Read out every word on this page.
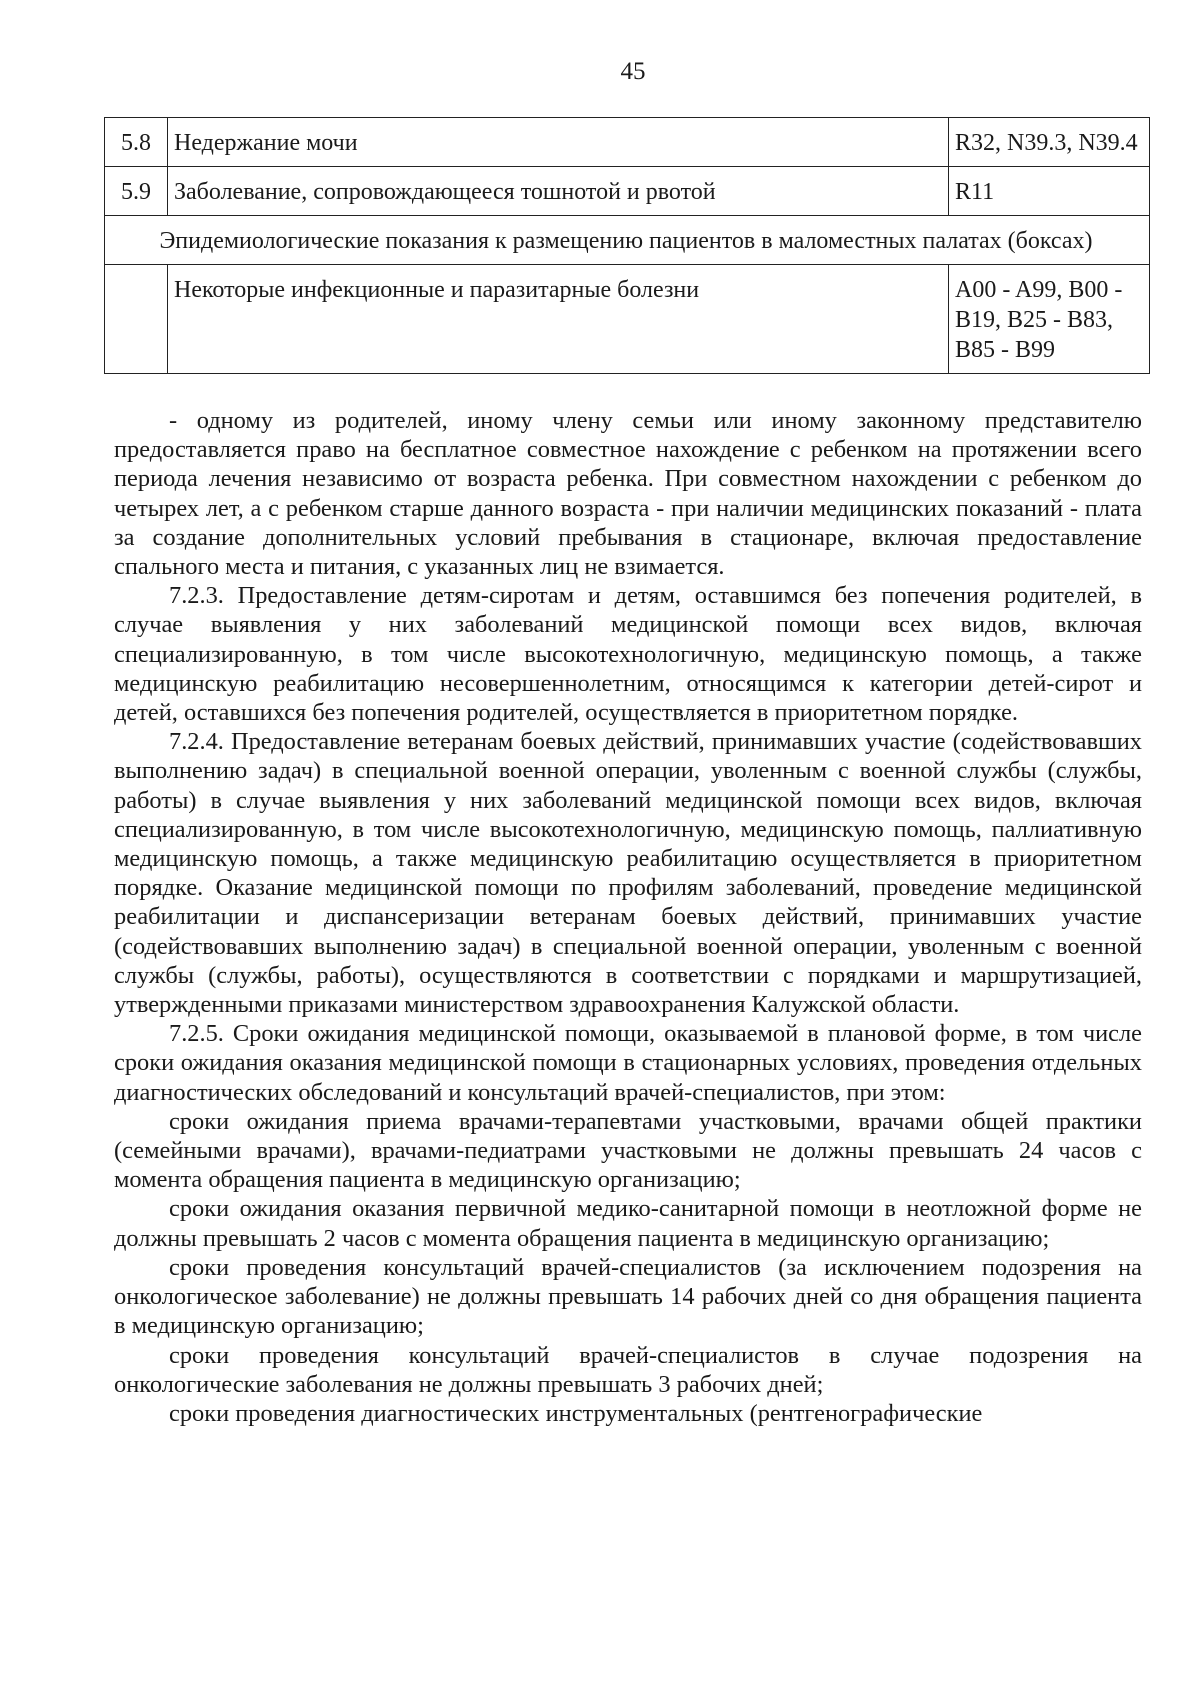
45
5.8	Недержание мочи	R32, N39.3, N39.4
5.9	Заболевание, сопровождающееся тошнотой и рвотой	R11
Эпидемиологические показания к размещению пациентов в маломестных палатах (боксах)		
	Некоторые инфекционные и паразитарные болезни	A00 - A99, B00 - B19, B25 - B83, B85 - B99

- одному из родителей, иному члену семьи или иному законному представителю предоставляется право на бесплатное совместное нахождение с ребенком на протяжении всего периода лечения независимо от возраста ребенка. При совместном нахождении с ребенком до четырех лет, а с ребенком старше данного возраста - при наличии медицинских показаний - плата за создание дополнительных условий пребывания в стационаре, включая предоставление спального места и питания, с указанных лиц не взимается.

7.2.3. Предоставление детям-сиротам и детям, оставшимся без попечения родителей, в случае выявления у них заболеваний медицинской помощи всех видов, включая специализированную, в том числе высокотехнологичную, медицинскую помощь, а также медицинскую реабилитацию несовершеннолетним, относящимся к категории детей-сирот и детей, оставшихся без попечения родителей, осуществляется в приоритетном порядке.

7.2.4. Предоставление ветеранам боевых действий, принимавших участие (содействовавших выполнению задач) в специальной военной операции, уволенным с военной службы (службы, работы) в случае выявления у них заболеваний медицинской помощи всех видов, включая специализированную, в том числе высокотехнологичную, медицинскую помощь, паллиативную медицинскую помощь, а также медицинскую реабилитацию осуществляется в приоритетном порядке. Оказание медицинской помощи по профилям заболеваний, проведение медицинской реабилитации и диспансеризации ветеранам боевых действий, принимавших участие (содействовавших выполнению задач) в специальной военной операции, уволенным с военной службы (службы, работы), осуществляются в соответствии с порядками и маршрутизацией, утвержденными приказами министерством здравоохранения Калужской области.

7.2.5. Сроки ожидания медицинской помощи, оказываемой в плановой форме, в том числе сроки ожидания оказания медицинской помощи в стационарных условиях, проведения отдельных диагностических обследований и консультаций врачей-специалистов, при этом:

сроки ожидания приема врачами-терапевтами участковыми, врачами общей практики (семейными врачами), врачами-педиатрами участковыми не должны превышать 24 часов с момента обращения пациента в медицинскую организацию;

сроки ожидания оказания первичной медико-санитарной помощи в неотложной форме не должны превышать 2 часов с момента обращения пациента в медицинскую организацию;

сроки проведения консультаций врачей-специалистов (за исключением подозрения на онкологическое заболевание) не должны превышать 14 рабочих дней со дня обращения пациента в медицинскую организацию;

сроки проведения консультаций врачей-специалистов в случае подозрения на онкологические заболевания не должны превышать 3 рабочих дней;

сроки проведения диагностических инструментальных (рентгенографические
